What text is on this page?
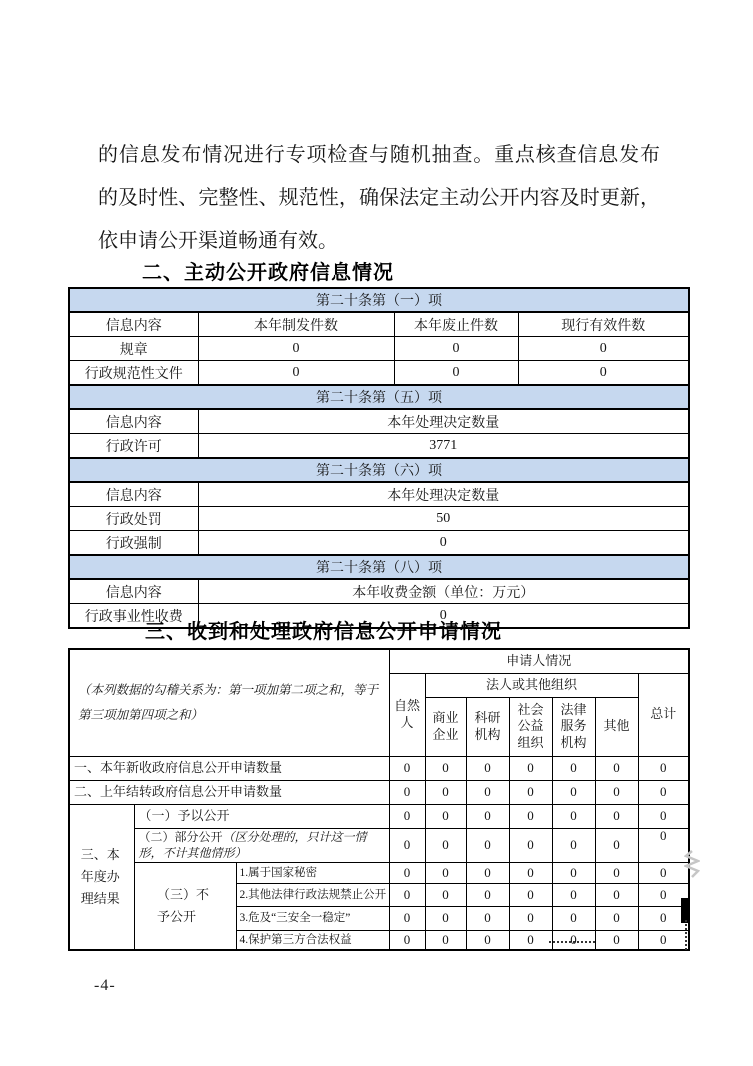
的信息发布情况进行专项检查与随机抽查。重点核查信息发布
的及时性、完整性、规范性，确保法定主动公开内容及时更新，
依申请公开渠道畅通有效。
二、主动公开政府信息情况
第二十条第（一）项			
信息内容	本年制发件数	本年废止件数	现行有效件数
规章	0	0	0
行政规范性文件	0	0	0
第二十条第（五）项			
信息内容	本年处理决定数量		
行政许可	3771		
第二十条第（六）项			
信息内容	本年处理决定数量		
行政处罚	50		
行政强制	0		
第二十条第（八）项			
信息内容	本年收费金额（单位：万元）		
行政事业性收费	0		
三、收到和处理政府信息公开申请情况
（本列数据的勾稽关系为：第一项加第二项之和，等于第三项加第四项之和）			申请人情况						
			自然人	法人或其他组织					总计
				商业企业	科研机构	社会公益组织	法律服务机构	其他	
一、本年新收政府信息公开申请数量			0	0	0	0	0	0	0
二、上年结转政府信息公开申请数量			0	0	0	0	0	0	0
三、本年度办理结果	（一）予以公开		0	0	0	0	0	0	0
	（二）部分公开（区分处理的，只计这一情形，不计其他情形）		0	0	0	0	0	0	0
	（三）不予公开	1.属于国家秘密	0	0	0	0	0	0	0
		2.其他法律行政法规禁止公开	0	0	0	0	0	0	0
		3.危及“三安全一稳定”	0	0	0	0	0	0	0
		4.保护第三方合法权益	0	0	0	0	0	0	0
-4-
